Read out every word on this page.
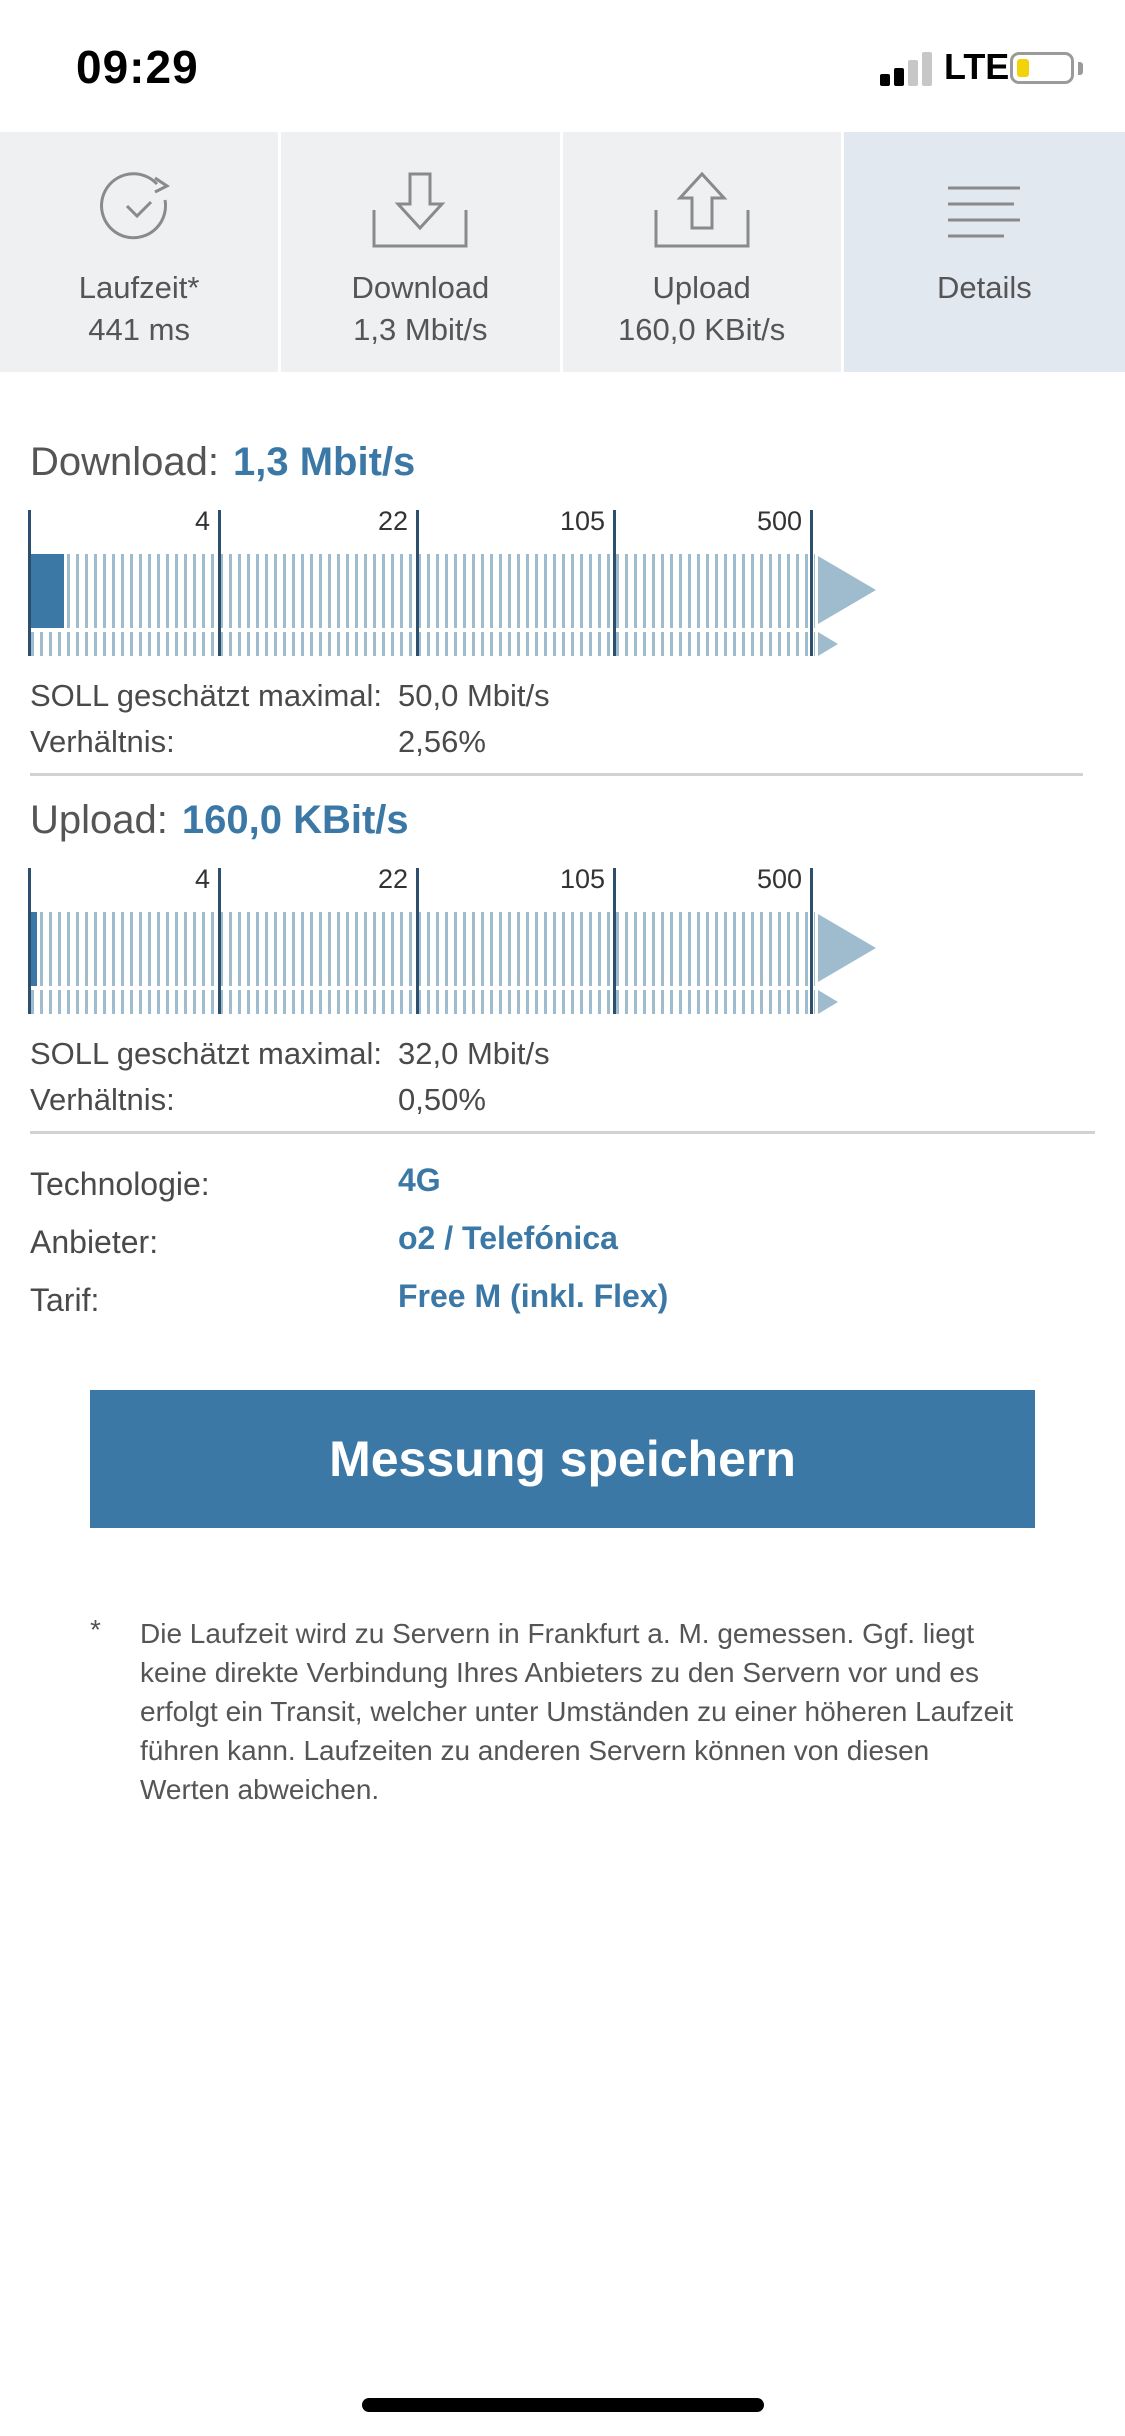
09:29	LTE
Laufzeit*
441 ms
Download
1,3 Mbit/s
Upload
160,0 KBit/s
Details
Download: 1,3 Mbit/s
4	22	105	500
SOLL geschätzt maximal: 50,0 Mbit/s
Verhältnis:	2,56%
Upload: 160,0 KBit/s
4	22	105	500
SOLL geschätzt maximal: 32,0 Mbit/s
Verhältnis:	0,50%
Technologie:	4G
Anbieter:	o2 / Telefónica
Tarif:	Free M (inkl. Flex)
Messung speichern
* Die Laufzeit wird zu Servern in Frankfurt a. M. gemessen. Ggf. liegt keine direkte Verbindung Ihres Anbieters zu den Servern vor und es erfolgt ein Transit, welcher unter Umständen zu einer höheren Laufzeit führen kann. Laufzeiten zu anderen Servern können von diesen Werten abweichen.
